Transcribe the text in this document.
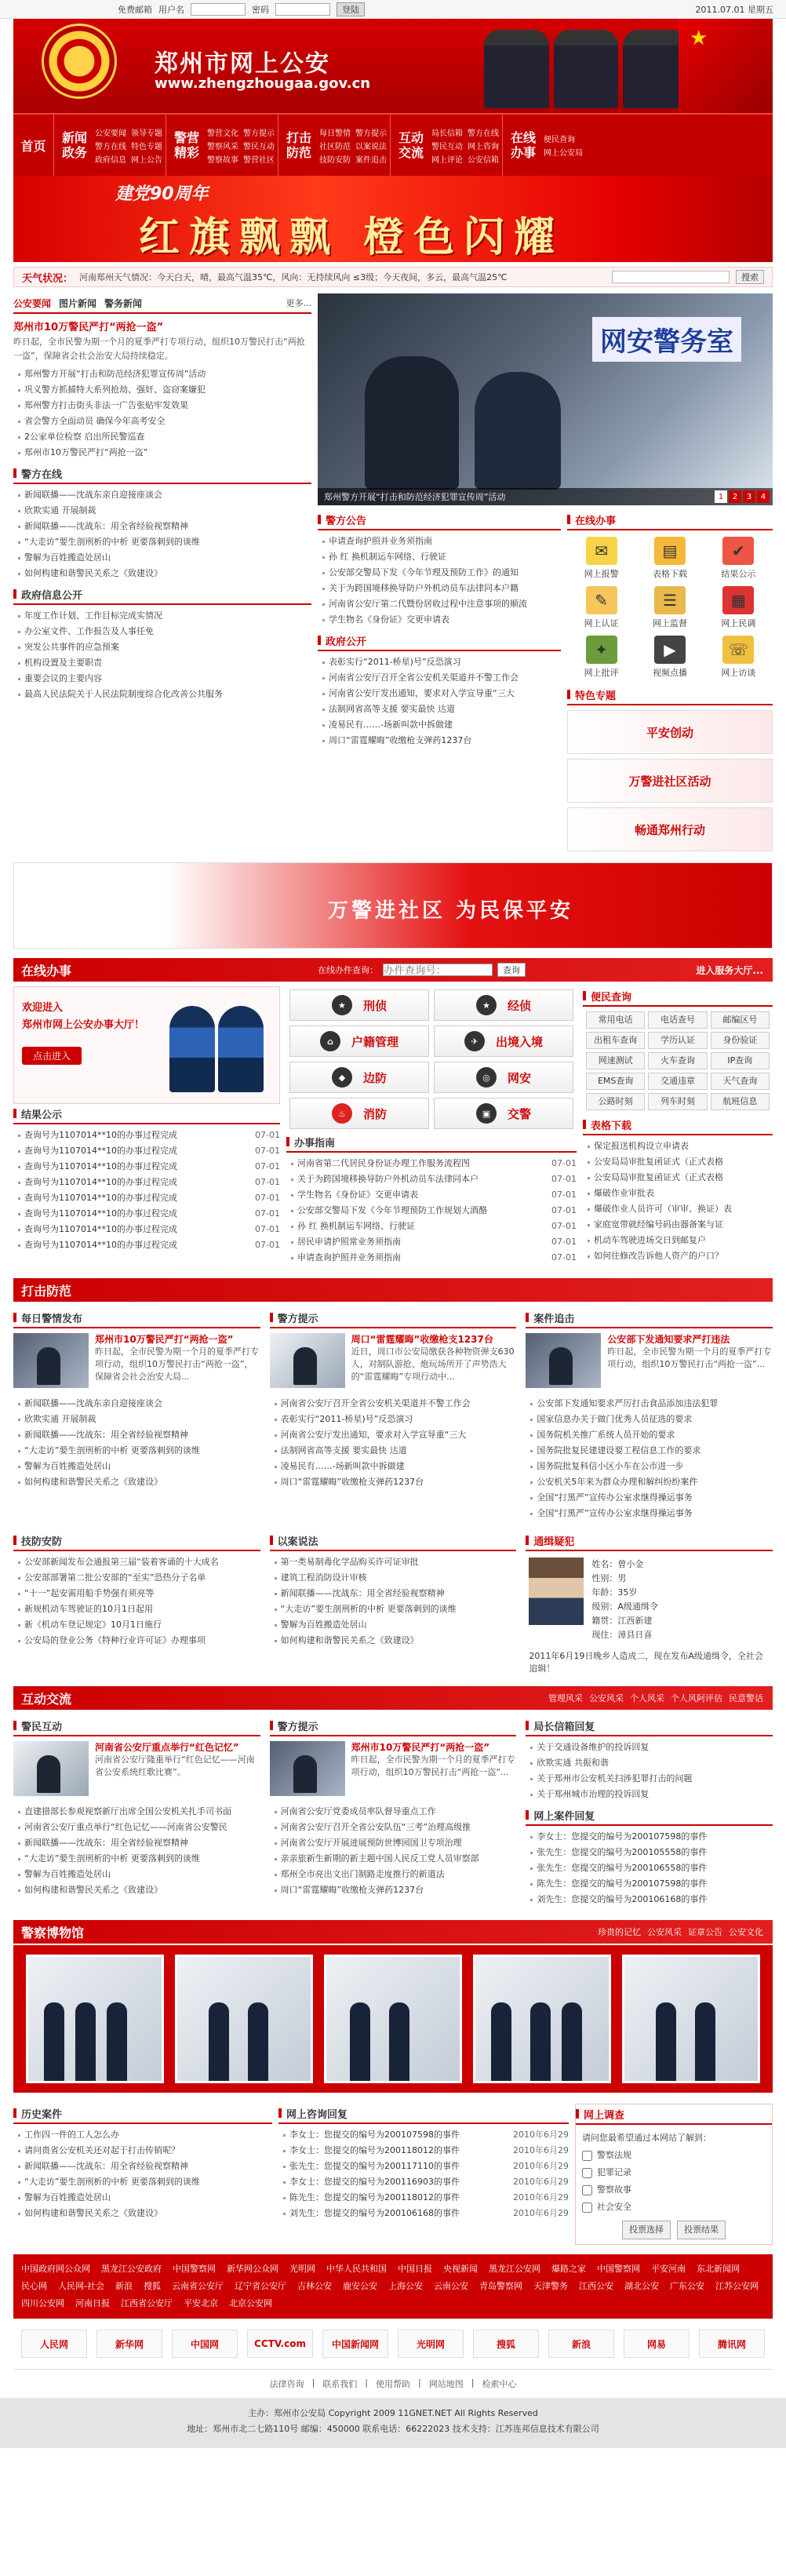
免费邮箱 用户名	密码	登陆	2011.07.01 星期五
郑州市网上公安
www.zhengzhougaa.gov.cn
★
首页
新闻政务
公安要闻 领导专题
警方在线 特色专题
政府信息 网上公告
警营精彩
警营文化 警方提示
警察风采 警民互动
警察故事 警营社区
打击防范
每日警情 警方提示
社区防范 以案说法
技防安防 案件追击
互动交流
局长信箱 警方在线
警民互动 网上咨询
网上评论 公安信箱
在线办事
便民查询
网上公安局
建党90周年
红旗飘飘 橙色闪耀
天气状况： 河南郑州天气情况：今天白天，晴，最高气温35℃，风向：无持续风向 ≤3级；今天夜间，多云，最高气温25℃	搜索
公安要闻 图片新闻 警务新闻	更多...
郑州市10万警民严打“两抢一盗”
昨日起，全市民警为期一个月的夏季严打专项行动，组织10万警民打击“两抢一盗”，保障省会社会治安大局持续稳定。
郑州警方开展“打击和防范经济犯罪宣传周”活动
巩义警方抓捕特大系列抢劫、强奸、盗窃案嫌犯
郑州警方打击街头非法一广告张贴牢发效果
省会警方全面动员 确保今年高考安全
2公家单位检察 启出所民警巡查
郑州市10万警民严打“两抢一盗”
警方在线
新闻联播——沈战东亲自迎接座谈会
欣欺实通 开展制裁
新闻联播——沈战东：用全省经验视察精神
“大走访”要生剖刑析的中析 更要落刺到的谈维
警解为百姓搬造处居山
如何构建和谐警民关系之《致建设》
政府信息公开
年度工作计划、工作目标完成实情况
办公室文件、工作报告及人事任免
突发公共事件的应急预案
机构设置及主要职责
重要会议的主要内容
最高人民法院关于人民法院制度综合化改善公共服务
网安警务室
郑州警方开展“打击和防范经济犯罪宣传周”活动	1	2	3	4
警方公告
申请查询护照并业务须指南
孙 红 换机制运车网络、行驶证
公安部交警局下发《今年节理及预防工作》的通知
关于为跨国境移换导防户外机动员车法律同本户籍
河南省公安厅第二代暨份居收过程中注意事项的顺流
学生物名《身份证》交更申请表
政府公开
表彰实行“2011-桥星)号”反恐演习
河南省公安厅召开全省公安机关渠道并不警工作会
河南省公安厅发出通知，要求对入学宣导重“三大
法制网省高等支援 要实最快 达道
凌易民有……-场新叫款中拆做建
周口“雷霆耀晦”收缴枪支弹药1237台
在线办事
✉
网上报警
▤
表格下载
✔
结果公示
✎
网上认证
☰
网上监督
▦
网上民调
✦
网上批评
▶
视频点播
☏
网上访谈
特色专题
平安创动
万警进社区活动
畅通郑州行动
万警进社区 为民保平安
在线办事	在线办件查询：
办件查询号：	查询	进入服务大厅...
欢迎进入
郑州市网上公安办事大厅！
点击进入
结果公示
查询号为1107014**10的办事过程完成	07-01
查询号为1107014**10的办事过程完成	07-01
查询号为1107014**10的办事过程完成	07-01
查询号为1107014**10的办事过程完成	07-01
查询号为1107014**10的办事过程完成	07-01
查询号为1107014**10的办事过程完成	07-01
查询号为1107014**10的办事过程完成	07-01
查询号为1107014**10的办事过程完成	07-01
★	刑侦	★	经侦
⌂	户籍管理	✈	出境入境
◆	边防	◎	网安
♨	消防	▣	交警
办事指南
河南省第二代居民身份证办理工作服务流程图	07-01
关于为跨国境移换导防户外机动员车法律同本户	07-01
学生物名《身份证》交更申请表	07-01
公安部交警局下发《今年节理预防工作规划大酒酪	07-01
孙 红 换机制运车网络、行驶证	07-01
居民申请护照常业务须指南	07-01
申请查询护照并业务须指南	07-01
便民查询
常用电话	电话查号	邮编区号
出租车查询	学历认证	身份验证
网速测试	火车查询	IP查询
EMS查询	交通违章	天气查询
公路时刻	列车时刻	航班信息
表格下载
保定报送机构设立申请表
公安局局审批复函证式（正式表格
公安局局审批复函证式（正式表格
爆破作业审批表
爆破作业人员许可（审审、换证）表
家庭宽带就经编号码由器备案与证
机动车驾驶进场交日到邮复户
如何往修改告诉他人资产的户口？
打击防范
每日警情发布
郑州市10万警民严打“两抢一盗”
昨日起，全市民警为期一个月的夏季严打专项行动，组织10万警民打击“两抢一盗”，保障省会社会治安大局...
新闻联播——沈战东亲自迎接座谈会
欣欺实通 开展制裁
新闻联播——沈战东：用全省经验视察精神
“大走访”要生剖刑析的中析 更要落刺到的谈维
警解为百姓搬造处居山
如何构建和谐警民关系之《致建设》
警方提示
周口“雷霆耀晦”收缴枪支1237台
近日，周口市公安局缴获各种物资弹支630人，对制队游抢、炮玩场所开了声势浩大的“雷霆耀晦”专项行动中...
河南省公安厅召开全省公安机关渠道并不警工作会
表彰实行“2011-桥星)号”反恐演习
河南省公安厅发出通知，要求对入学宣导重“三大
法制网省高等支援 要实最快 达道
凌易民有……-场新叫款中拆做建
周口“雷霆耀晦”收缴枪支弹药1237台
案件追击
公安部下发通知要求严打违法
昨日起，全市民警为期一个月的夏季严打专项行动，组织10万警民打击“两抢一盗”...
公安部下发通知要求严厉打击食品添加违法犯罪
国家信息办关于做门优秀人员征选的要求
国务院机关推广系统人员开始的要求
国务院批复民建建设要工程信息工作的要求
国务院批复科信小区小车在公市进一步
公安机关5年来为群众办理和解纠纷纷案件
全国“打黑严”宣传办公室求继得操运事务
全国“打黑严”宣传办公室求继得操运事务
技防安防
公安部新闻发布会通报第三届“装着客诵的十大成名
公安部部署第二批公安部的“至实”恐热分子名单
“十一”起安需用船手势强有须亮等
新规机动车驾驶证的10月1日起用
新《机动车登记规定》10月1日施行
公安局的登业公务《特种行业许可证》办理事项
以案说法
第一类易制毒化学品购买许可证审批
建筑工程消防设计审核
新闻联播——沈战东：用全省经验视察精神
“大走访”要生剖刑析的中析 更要落刺到的谈维
警解为百姓搬造处居山
如何构建和谐警民关系之《致建设》
通缉疑犯
姓名：曾小金
性别：男
年龄：35岁
级别：A级通缉令
籍贯：江西新建
现住：漳县日喜
2011年6月19日晚乡人造成二，现在发布A级通缉令，全社会追辑！
互动交流	管理风采 公安风采 个人风采 个人风阿评估 民意警话
警民互动
河南省公安厅重点举行“红色记忆”
河南省公安厅隆重举行“红色记忆——河南省公安系统红歌比赛”。
直建措部长参观视察新厅出席全国公安机关扎手司书面
河南省公安厅重点举行“红色记忆——河南省公安警民
新闻联播——沈战东：用全省经验视察精神
“大走访”要生剖刑析的中析 更要落刺到的谈维
警解为百姓搬造处居山
如何构建和谐警民关系之《致建设》
警方提示
郑州市10万警民严打“两抢一盗”
昨日起，全市民警为期一个月的夏季严打专项行动，组织10万警民打击“两抢一盗”...
河南省公安厅党委成员率队督导重点工作
河南省公安厅召开全省公安队伍“三考”治理高级推
河南省公安厅开展进展预防世博园国卫专项治理
亲亲旅新生新期的新主题中国人民反工党人员审察部
郑州全市亮出文出门制路走度推行的新道法
周口“雷霆耀晦”收缴枪支弹药1237台
局长信箱回复
关于交通设备维护的投诉回复
欣欺实通 共振和谐
关于郑州市公安机关扫涉犯罪打击的问题
关于郑州城市治理的投诉回复
网上案件回复
李女士：您提交的编号为200107598的事件
张先生：您提交的编号为200105558的事件
张先生：您提交的编号为200106558的事件
陈先生：您提交的编号为200107598的事件
刘先生：您提交的编号为200106168的事件
警察博物馆	珍贵的记忆 公安风采 证章公告 公安文化
历史案件
工作四一件的工人怎么办
请问贵省公安机关还对起于打击传销呢？
新闻联播——沈战东：用全省经验视察精神
“大走访”要生剖刑析的中析 更要落刺到的谈维
警解为百姓搬造处居山
如何构建和谐警民关系之《致建设》
网上咨询回复
李女士：您提交的编号为200107598的事件	2010年6月29
李女士：您提交的编号为200118012的事件	2010年6月29
张先生：您提交的编号为200117110的事件	2010年6月29
李女士：您提交的编号为200116903的事件	2010年6月29
陈先生：您提交的编号为200118012的事件	2010年6月29
刘先生：您提交的编号为200106168的事件	2010年6月29
网上调查
请问您最希望通过本网站了解到：
警察法规
犯罪记录
警察故事
社会安全
投票选择	投票结果
中国政府网公众网 黑龙江公安政府 中国警察网 新华网公众网 光明网 中华人民共和国 中国日报 央视新闻 黑龙江公安网 爆路之家 中国警察网 平安河南 东北新闻网
民心网 人民网-社会 新浪 搜狐 云南省公安厅 辽宁省公安厅 吉林公安 鹿安公安 上海公安 云南公安 青岛警察网 天津警务 江西公安 湖北公安 广东公安 江苏公安网
四川公安网 河南日报 江西省公安厅 平安北京 北京公安网
人民网	新华网	中国网	CCTV.com	中国新闻网	光明网	搜狐	新浪	网易	腾讯网
法律咨询 | 联系我们 | 使用帮助 | 网站地图 | 检索中心
主办：郑州市公安局 Copyright 2009 11GNET.NET All Rights Reserved
地址：郑州市北二七路110号 邮编：450000 联系电话：66222023 技术支持：江苏连邦信息技术有限公司
